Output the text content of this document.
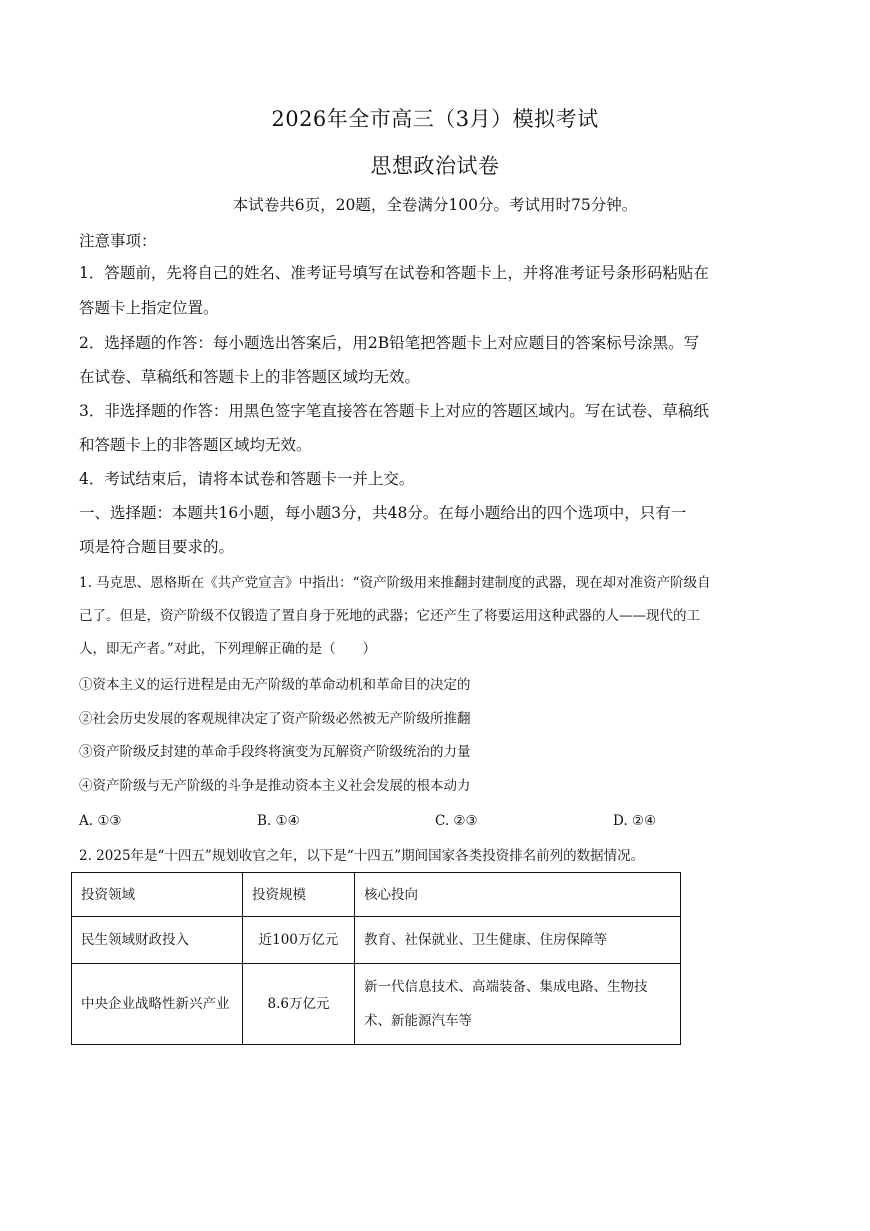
2026年全市高三（3月）模拟考试
思想政治试卷
本试卷共6页，20题，全卷满分100分。考试用时75分钟。
注意事项：
1．答题前，先将自己的姓名、准考证号填写在试卷和答题卡上，并将准考证号条形码粘贴在
答题卡上指定位置。
2．选择题的作答：每小题选出答案后，用2B铅笔把答题卡上对应题目的答案标号涂黑。写
在试卷、草稿纸和答题卡上的非答题区域均无效。
3．非选择题的作答：用黑色签字笔直接答在答题卡上对应的答题区域内。写在试卷、草稿纸
和答题卡上的非答题区域均无效。
4．考试结束后，请将本试卷和答题卡一并上交。
一、选择题：本题共16小题，每小题3分，共48分。在每小题给出的四个选项中，只有一
项是符合题目要求的。
1. 马克思、恩格斯在《共产党宣言》中指出：“资产阶级用来推翻封建制度的武器，现在却对准资产阶级自
己了。但是，资产阶级不仅锻造了置自身于死地的武器；它还产生了将要运用这种武器的人——现代的工
人，即无产者。”对此，下列理解正确的是（　　）
①资本主义的运行进程是由无产阶级的革命动机和革命目的决定的
②社会历史发展的客观规律决定了资产阶级必然被无产阶级所推翻
③资产阶级反封建的革命手段终将演变为瓦解资产阶级统治的力量
④资产阶级与无产阶级的斗争是推动资本主义社会发展的根本动力
A. ①③	B. ①④	C. ②③	D. ②④
2. 2025年是“十四五”规划收官之年，以下是“十四五”期间国家各类投资排名前列的数据情况。
投资领域	投资规模	核心投向
民生领域财政投入	近100万亿元	教育、社保就业、卫生健康、住房保障等
中央企业战略性新兴产业	8.6万亿元	新一代信息技术、高端装备、集成电路、生物技术、新能源汽车等
